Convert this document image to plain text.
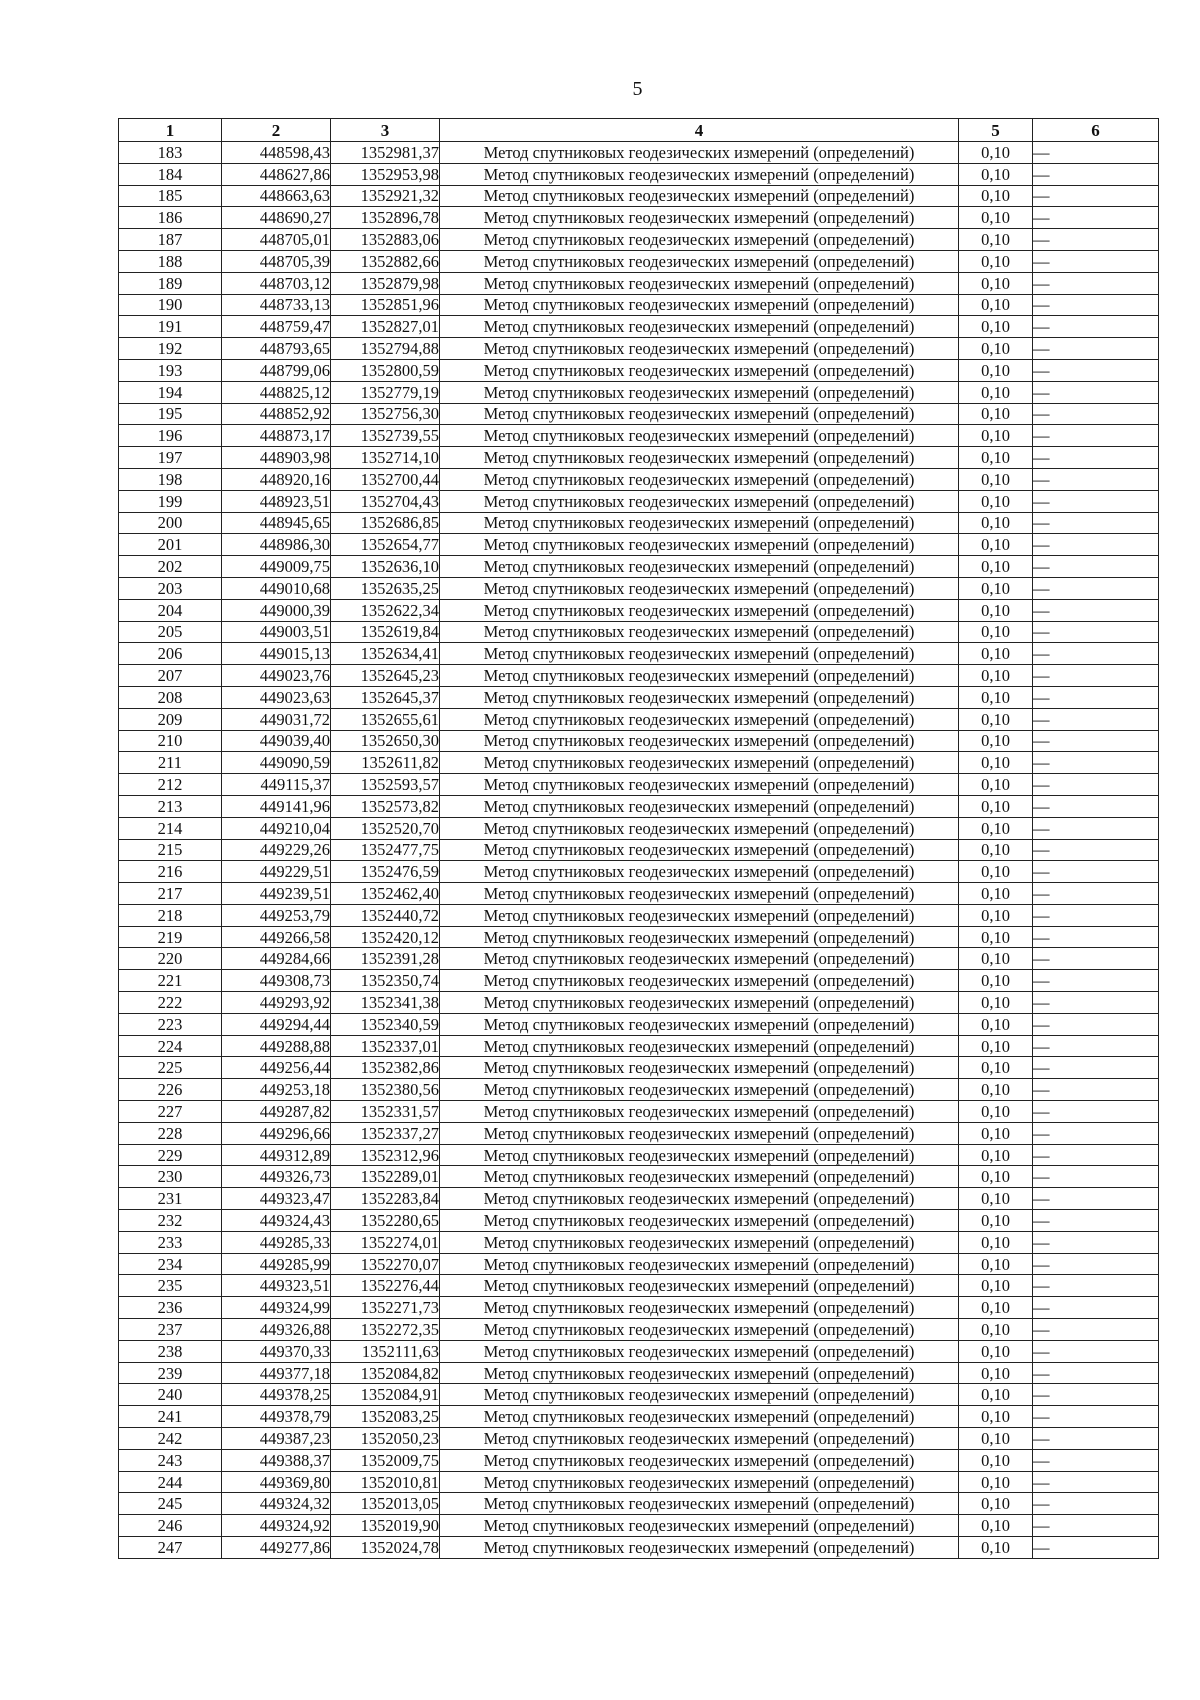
5
1	2	3	4	5	6
183	448598,43	1352981,37	Метод спутниковых геодезических измерений (определений)	0,10	—
184	448627,86	1352953,98	Метод спутниковых геодезических измерений (определений)	0,10	—
185	448663,63	1352921,32	Метод спутниковых геодезических измерений (определений)	0,10	—
186	448690,27	1352896,78	Метод спутниковых геодезических измерений (определений)	0,10	—
187	448705,01	1352883,06	Метод спутниковых геодезических измерений (определений)	0,10	—
188	448705,39	1352882,66	Метод спутниковых геодезических измерений (определений)	0,10	—
189	448703,12	1352879,98	Метод спутниковых геодезических измерений (определений)	0,10	—
190	448733,13	1352851,96	Метод спутниковых геодезических измерений (определений)	0,10	—
191	448759,47	1352827,01	Метод спутниковых геодезических измерений (определений)	0,10	—
192	448793,65	1352794,88	Метод спутниковых геодезических измерений (определений)	0,10	—
193	448799,06	1352800,59	Метод спутниковых геодезических измерений (определений)	0,10	—
194	448825,12	1352779,19	Метод спутниковых геодезических измерений (определений)	0,10	—
195	448852,92	1352756,30	Метод спутниковых геодезических измерений (определений)	0,10	—
196	448873,17	1352739,55	Метод спутниковых геодезических измерений (определений)	0,10	—
197	448903,98	1352714,10	Метод спутниковых геодезических измерений (определений)	0,10	—
198	448920,16	1352700,44	Метод спутниковых геодезических измерений (определений)	0,10	—
199	448923,51	1352704,43	Метод спутниковых геодезических измерений (определений)	0,10	—
200	448945,65	1352686,85	Метод спутниковых геодезических измерений (определений)	0,10	—
201	448986,30	1352654,77	Метод спутниковых геодезических измерений (определений)	0,10	—
202	449009,75	1352636,10	Метод спутниковых геодезических измерений (определений)	0,10	—
203	449010,68	1352635,25	Метод спутниковых геодезических измерений (определений)	0,10	—
204	449000,39	1352622,34	Метод спутниковых геодезических измерений (определений)	0,10	—
205	449003,51	1352619,84	Метод спутниковых геодезических измерений (определений)	0,10	—
206	449015,13	1352634,41	Метод спутниковых геодезических измерений (определений)	0,10	—
207	449023,76	1352645,23	Метод спутниковых геодезических измерений (определений)	0,10	—
208	449023,63	1352645,37	Метод спутниковых геодезических измерений (определений)	0,10	—
209	449031,72	1352655,61	Метод спутниковых геодезических измерений (определений)	0,10	—
210	449039,40	1352650,30	Метод спутниковых геодезических измерений (определений)	0,10	—
211	449090,59	1352611,82	Метод спутниковых геодезических измерений (определений)	0,10	—
212	449115,37	1352593,57	Метод спутниковых геодезических измерений (определений)	0,10	—
213	449141,96	1352573,82	Метод спутниковых геодезических измерений (определений)	0,10	—
214	449210,04	1352520,70	Метод спутниковых геодезических измерений (определений)	0,10	—
215	449229,26	1352477,75	Метод спутниковых геодезических измерений (определений)	0,10	—
216	449229,51	1352476,59	Метод спутниковых геодезических измерений (определений)	0,10	—
217	449239,51	1352462,40	Метод спутниковых геодезических измерений (определений)	0,10	—
218	449253,79	1352440,72	Метод спутниковых геодезических измерений (определений)	0,10	—
219	449266,58	1352420,12	Метод спутниковых геодезических измерений (определений)	0,10	—
220	449284,66	1352391,28	Метод спутниковых геодезических измерений (определений)	0,10	—
221	449308,73	1352350,74	Метод спутниковых геодезических измерений (определений)	0,10	—
222	449293,92	1352341,38	Метод спутниковых геодезических измерений (определений)	0,10	—
223	449294,44	1352340,59	Метод спутниковых геодезических измерений (определений)	0,10	—
224	449288,88	1352337,01	Метод спутниковых геодезических измерений (определений)	0,10	—
225	449256,44	1352382,86	Метод спутниковых геодезических измерений (определений)	0,10	—
226	449253,18	1352380,56	Метод спутниковых геодезических измерений (определений)	0,10	—
227	449287,82	1352331,57	Метод спутниковых геодезических измерений (определений)	0,10	—
228	449296,66	1352337,27	Метод спутниковых геодезических измерений (определений)	0,10	—
229	449312,89	1352312,96	Метод спутниковых геодезических измерений (определений)	0,10	—
230	449326,73	1352289,01	Метод спутниковых геодезических измерений (определений)	0,10	—
231	449323,47	1352283,84	Метод спутниковых геодезических измерений (определений)	0,10	—
232	449324,43	1352280,65	Метод спутниковых геодезических измерений (определений)	0,10	—
233	449285,33	1352274,01	Метод спутниковых геодезических измерений (определений)	0,10	—
234	449285,99	1352270,07	Метод спутниковых геодезических измерений (определений)	0,10	—
235	449323,51	1352276,44	Метод спутниковых геодезических измерений (определений)	0,10	—
236	449324,99	1352271,73	Метод спутниковых геодезических измерений (определений)	0,10	—
237	449326,88	1352272,35	Метод спутниковых геодезических измерений (определений)	0,10	—
238	449370,33	1352111,63	Метод спутниковых геодезических измерений (определений)	0,10	—
239	449377,18	1352084,82	Метод спутниковых геодезических измерений (определений)	0,10	—
240	449378,25	1352084,91	Метод спутниковых геодезических измерений (определений)	0,10	—
241	449378,79	1352083,25	Метод спутниковых геодезических измерений (определений)	0,10	—
242	449387,23	1352050,23	Метод спутниковых геодезических измерений (определений)	0,10	—
243	449388,37	1352009,75	Метод спутниковых геодезических измерений (определений)	0,10	—
244	449369,80	1352010,81	Метод спутниковых геодезических измерений (определений)	0,10	—
245	449324,32	1352013,05	Метод спутниковых геодезических измерений (определений)	0,10	—
246	449324,92	1352019,90	Метод спутниковых геодезических измерений (определений)	0,10	—
247	449277,86	1352024,78	Метод спутниковых геодезических измерений (определений)	0,10	—
